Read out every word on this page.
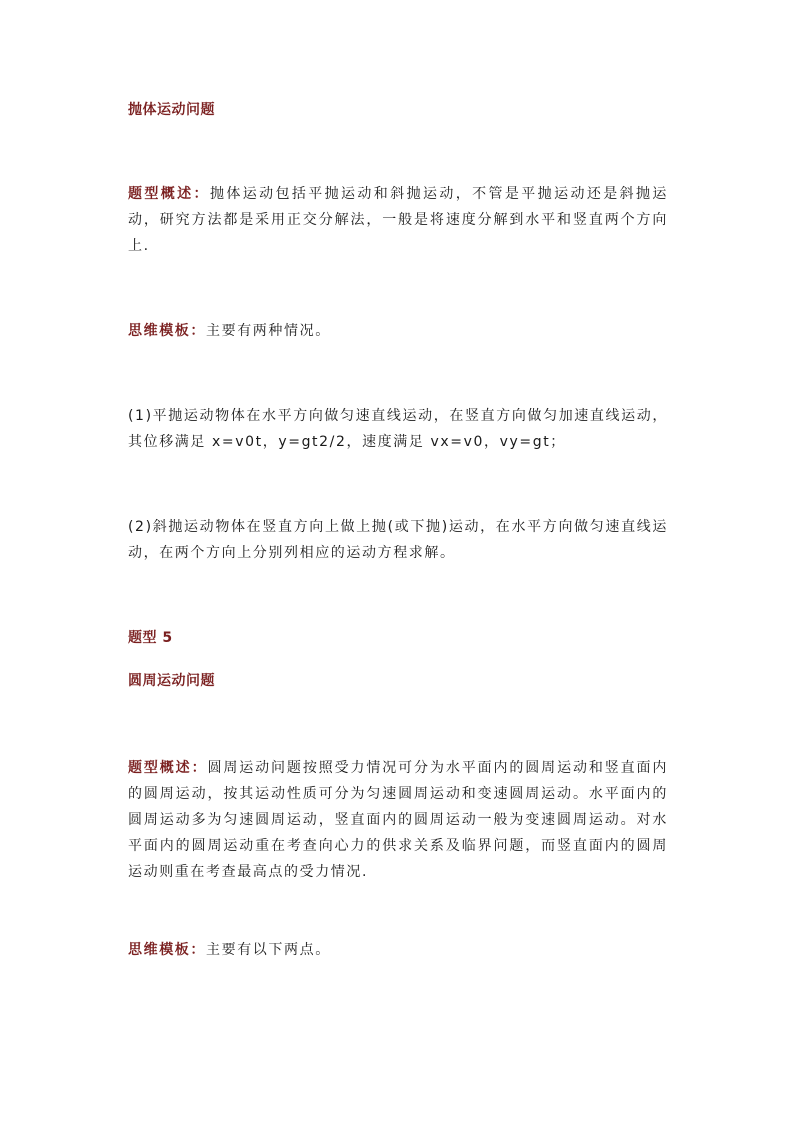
抛体运动问题
题型概述：抛体运动包括平抛运动和斜抛运动，不管是平抛运动还是斜抛运动，研究方法都是采用正交分解法，一般是将速度分解到水平和竖直两个方向上.
思维模板：主要有两种情况。
(1)平抛运动物体在水平方向做匀速直线运动，在竖直方向做匀加速直线运动，其位移满足 x=v0t，y=gt2/2，速度满足 vx=v0，vy=gt；
(2)斜抛运动物体在竖直方向上做上抛(或下抛)运动，在水平方向做匀速直线运动，在两个方向上分别列相应的运动方程求解。
题型 5
圆周运动问题
题型概述：圆周运动问题按照受力情况可分为水平面内的圆周运动和竖直面内的圆周运动，按其运动性质可分为匀速圆周运动和变速圆周运动。水平面内的圆周运动多为匀速圆周运动，竖直面内的圆周运动一般为变速圆周运动。对水平面内的圆周运动重在考查向心力的供求关系及临界问题，而竖直面内的圆周运动则重在考查最高点的受力情况.
思维模板：主要有以下两点。
